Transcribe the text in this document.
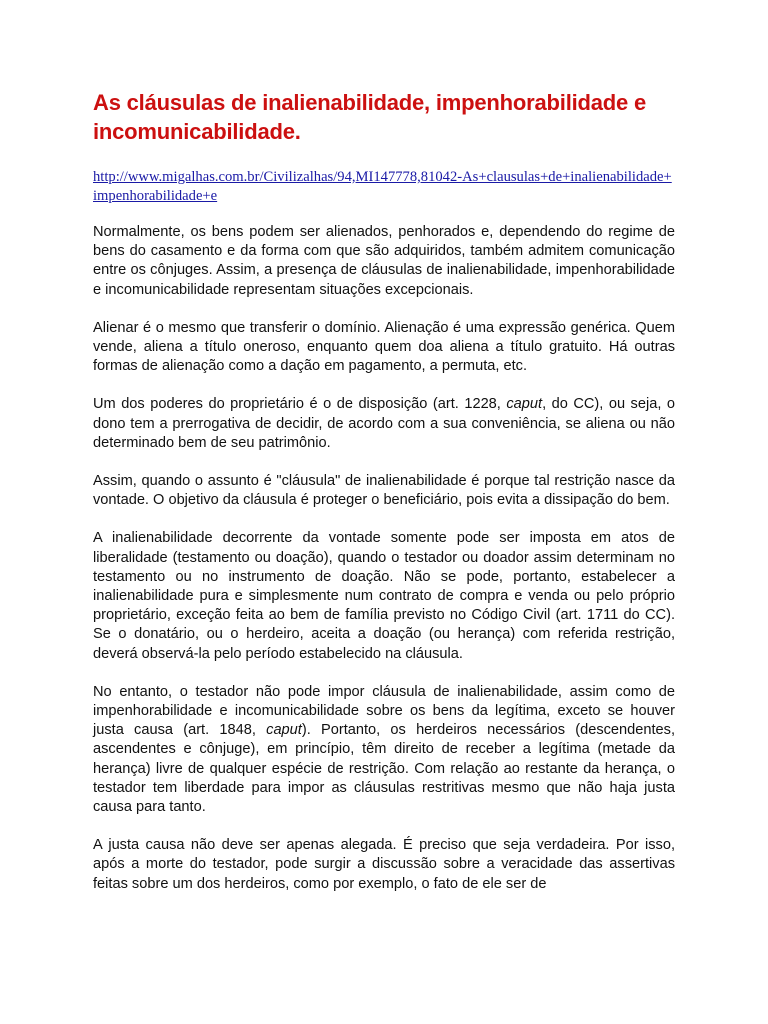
As cláusulas de inalienabilidade, impenhorabilidade e incomunicabilidade.
http://www.migalhas.com.br/Civilizalhas/94,MI147778,81042-As+clausulas+de+inalienabilidade+impenhorabilidade+e

Normalmente, os bens podem ser alienados, penhorados e, dependendo do regime de bens do casamento e da forma com que são adquiridos, também admitem comunicação entre os cônjuges. Assim, a presença de cláusulas de inalienabilidade, impenhorabilidade e incomunicabilidade representam situações excepcionais.

Alienar é o mesmo que transferir o domínio. Alienação é uma expressão genérica. Quem vende, aliena a título oneroso, enquanto quem doa aliena a título gratuito. Há outras formas de alienação como a dação em pagamento, a permuta, etc.

Um dos poderes do proprietário é o de disposição (art. 1228, caput, do CC), ou seja, o dono tem a prerrogativa de decidir, de acordo com a sua conveniência, se aliena ou não determinado bem de seu patrimônio.

Assim, quando o assunto é "cláusula" de inalienabilidade é porque tal restrição nasce da vontade. O objetivo da cláusula é proteger o beneficiário, pois evita a dissipação do bem.

A inalienabilidade decorrente da vontade somente pode ser imposta em atos de liberalidade (testamento ou doação), quando o testador ou doador assim determinam no testamento ou no instrumento de doação. Não se pode, portanto, estabelecer a inalienabilidade pura e simplesmente num contrato de compra e venda ou pelo próprio proprietário, exceção feita ao bem de família previsto no Código Civil (art. 1711 do CC). Se o donatário, ou o herdeiro, aceita a doação (ou herança) com referida restrição, deverá observá-la pelo período estabelecido na cláusula.

No entanto, o testador não pode impor cláusula de inalienabilidade, assim como de impenhorabilidade e incomunicabilidade sobre os bens da legítima, exceto se houver justa causa (art. 1848, caput). Portanto, os herdeiros necessários (descendentes, ascendentes e cônjuge), em princípio, têm direito de receber a legítima (metade da herança) livre de qualquer espécie de restrição. Com relação ao restante da herança, o testador tem liberdade para impor as cláusulas restritivas mesmo que não haja justa causa para tanto.

A justa causa não deve ser apenas alegada. É preciso que seja verdadeira. Por isso, após a morte do testador, pode surgir a discussão sobre a veracidade das assertivas feitas sobre um dos herdeiros, como por exemplo, o fato de ele ser de
